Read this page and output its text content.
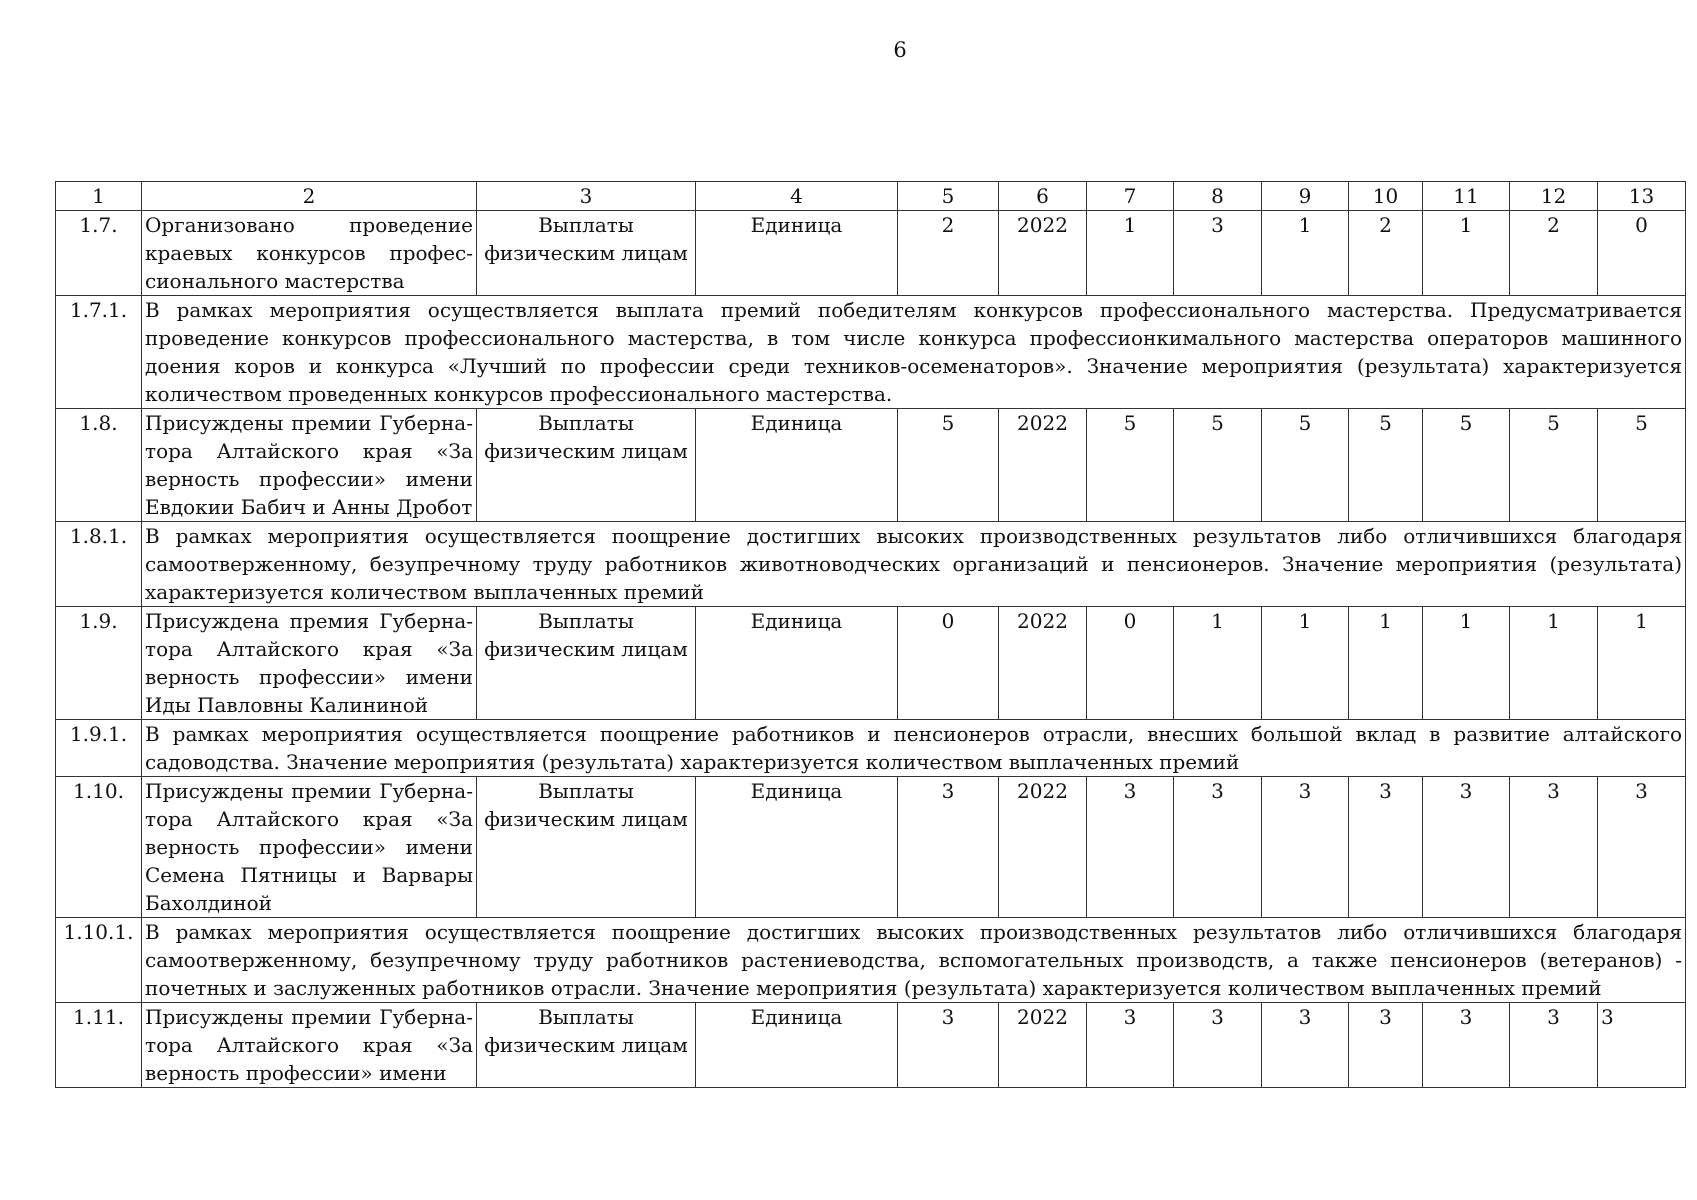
6
1	2	3	4	5	6	7	8	9	10	11	12	13
1.7.	Организовано проведение краевых конкурсов профес-сионального мастерства	Выплаты физическим лицам	Единица	2	2022	1	3	1	2	1	2	0
1.7.1.	В рамках мероприятия осуществляется выплата премий победителям конкурсов профессионального мастерства. Предусматривается проведение конкурсов профессионального мастерства, в том числе конкурса профессионкимального мастерства операторов машинного доения коров и конкурса «Лучший по профессии среди техников-осеменаторов». Значение мероприятия (результата) характеризуется количеством проведенных конкурсов профессионального мастерства.											
1.8.	Присуждены премии Губерна-тора Алтайского края «За верность профессии» имени Евдокии Бабич и Анны Дробот	Выплаты физическим лицам	Единица	5	2022	5	5	5	5	5	5	5
1.8.1.	В рамках мероприятия осуществляется поощрение достигших высоких производственных результатов либо отличившихся благодаря самоотверженному, безупречному труду работников животноводческих организаций и пенсионеров. Значение мероприятия (результата) характеризуется количеством выплаченных премий											
1.9.	Присуждена премия Губерна-тора Алтайского края «За верность профессии» имени Иды Павловны Калининой	Выплаты физическим лицам	Единица	0	2022	0	1	1	1	1	1	1
1.9.1.	В рамках мероприятия осуществляется поощрение работников и пенсионеров отрасли, внесших большой вклад в развитие алтайского садоводства. Значение мероприятия (результата) характеризуется количеством выплаченных премий											
1.10.	Присуждены премии Губерна-тора Алтайского края «За верность профессии» имени Семена Пятницы и Варвары Бахолдиной	Выплаты физическим лицам	Единица	3	2022	3	3	3	3	3	3	3
1.10.1.	В рамках мероприятия осуществляется поощрение достигших высоких производственных результатов либо отличившихся благодаря самоотверженному, безупречному труду работников растениеводства, вспомогательных производств, а также пенсионеров (ветеранов) - почетных и заслуженных работников отрасли. Значение мероприятия (результата) характеризуется количеством выплаченных премий											
1.11.	Присуждены премии Губерна-тора Алтайского края «За верность профессии» имени	Выплаты физическим лицам	Единица	3	2022	3	3	3	3	3	3	3
